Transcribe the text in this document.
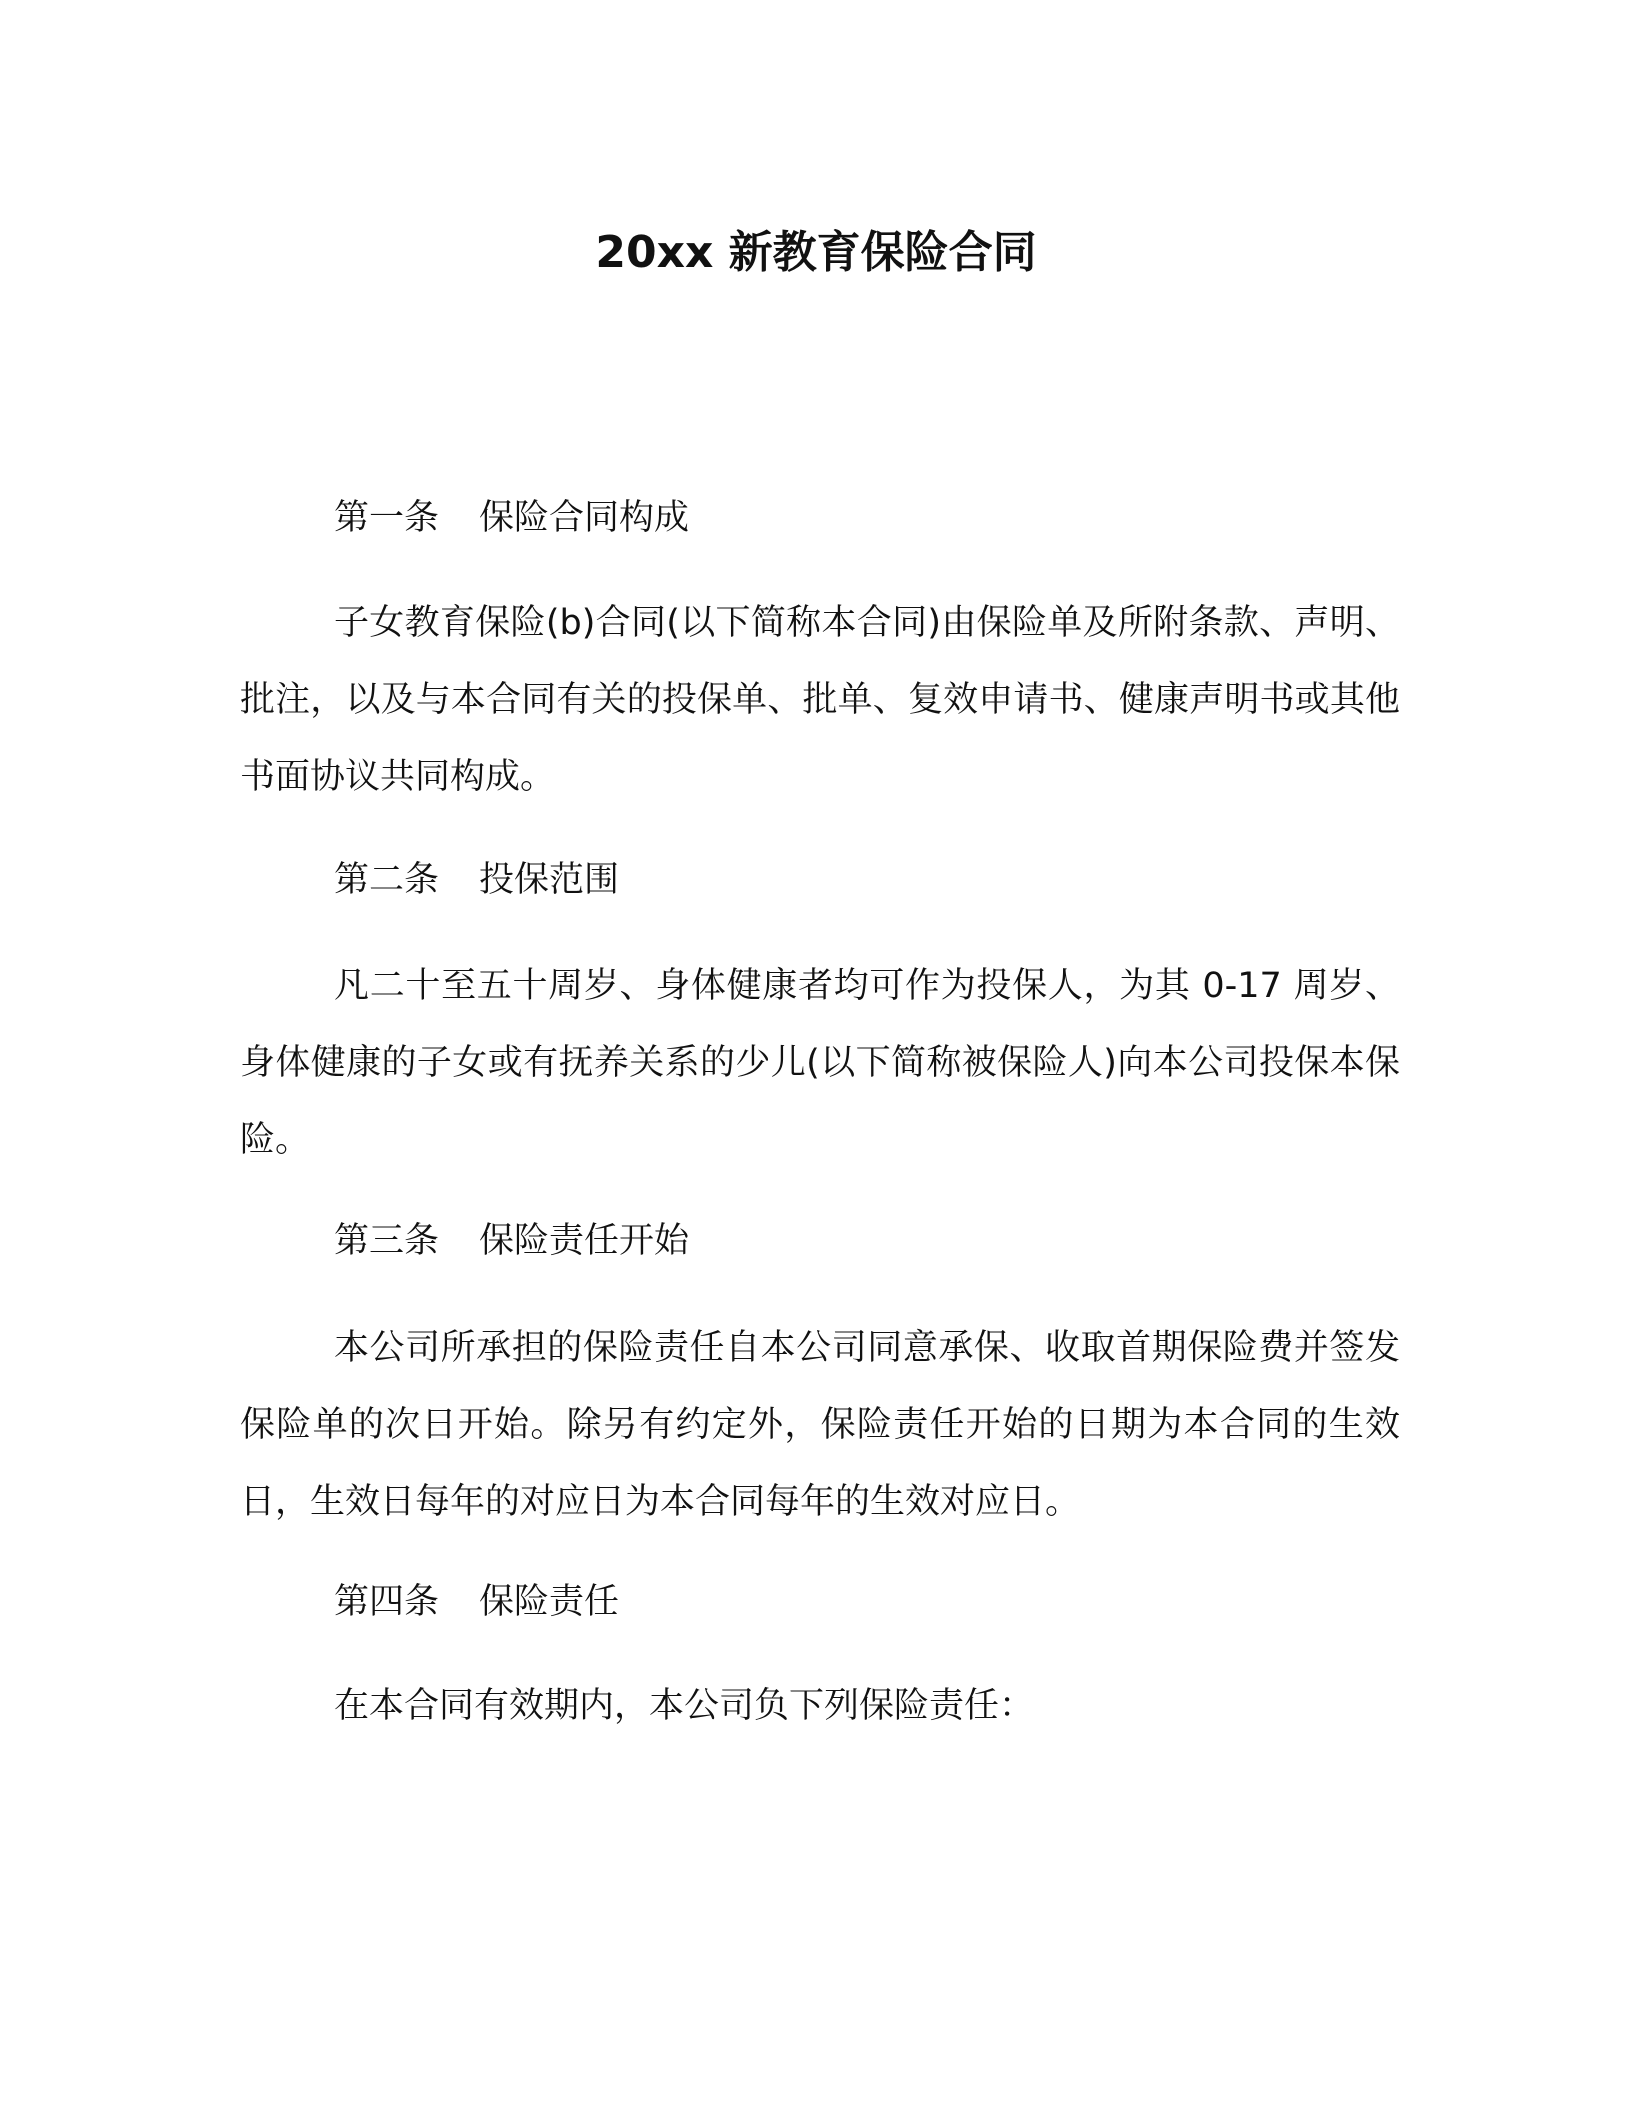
20xx 新教育保险合同
第一条 保险合同构成

子女教育保险(b)合同(以下简称本合同)由保险单及所附条款、声明、批注，以及与本合同有关的投保单、批单、复效申请书、健康声明书或其他书面协议共同构成。

第二条 投保范围

凡二十至五十周岁、身体健康者均可作为投保人，为其 0-17 周岁、身体健康的子女或有抚养关系的少儿(以下简称被保险人)向本公司投保本保险。

第三条 保险责任开始

本公司所承担的保险责任自本公司同意承保、收取首期保险费并签发保险单的次日开始。除另有约定外，保险责任开始的日期为本合同的生效日，生效日每年的对应日为本合同每年的生效对应日。

第四条 保险责任

在本合同有效期内，本公司负下列保险责任：
